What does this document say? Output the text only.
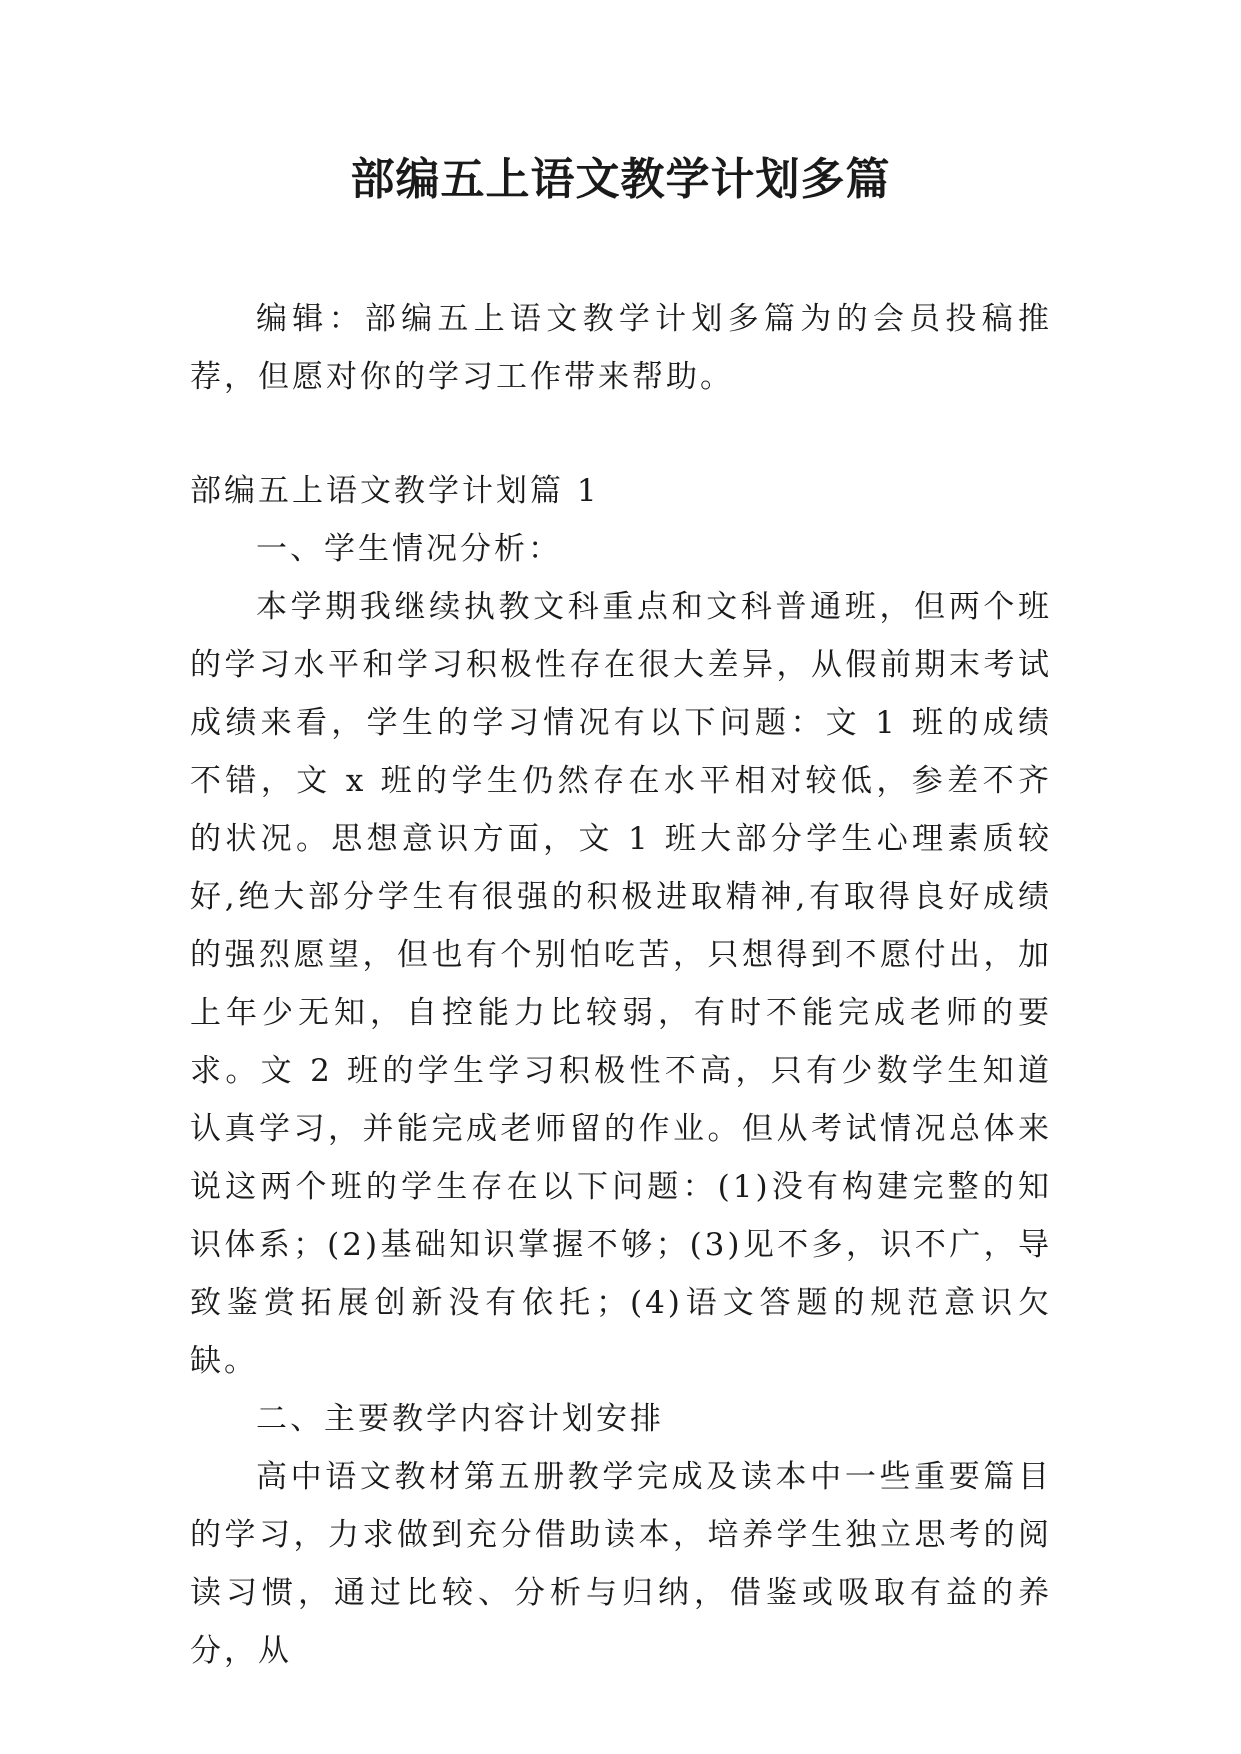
部编五上语文教学计划多篇
编辑：部编五上语文教学计划多篇为的会员投稿推荐，但愿对你的学习工作带来帮助。
部编五上语文教学计划篇 1

一、学生情况分析：

本学期我继续执教文科重点和文科普通班，但两个班的学习水平和学习积极性存在很大差异，从假前期末考试成绩来看，学生的学习情况有以下问题：文 1 班的成绩不错，文 x 班的学生仍然存在水平相对较低，参差不齐的状况。思想意识方面，文 1 班大部分学生心理素质较好,绝大部分学生有很强的积极进取精神,有取得良好成绩的强烈愿望，但也有个别怕吃苦，只想得到不愿付出，加上年少无知，自控能力比较弱，有时不能完成老师的要求。文 2 班的学生学习积极性不高，只有少数学生知道认真学习，并能完成老师留的作业。但从考试情况总体来说这两个班的学生存在以下问题：(1)没有构建完整的知识体系；(2)基础知识掌握不够；(3)见不多，识不广，导致鉴赏拓展创新没有依托；(4)语文答题的规范意识欠缺。

二、主要教学内容计划安排

高中语文教材第五册教学完成及读本中一些重要篇目的学习，力求做到充分借助读本，培养学生独立思考的阅读习惯，通过比较、分析与归纳，借鉴或吸取有益的养分，从
